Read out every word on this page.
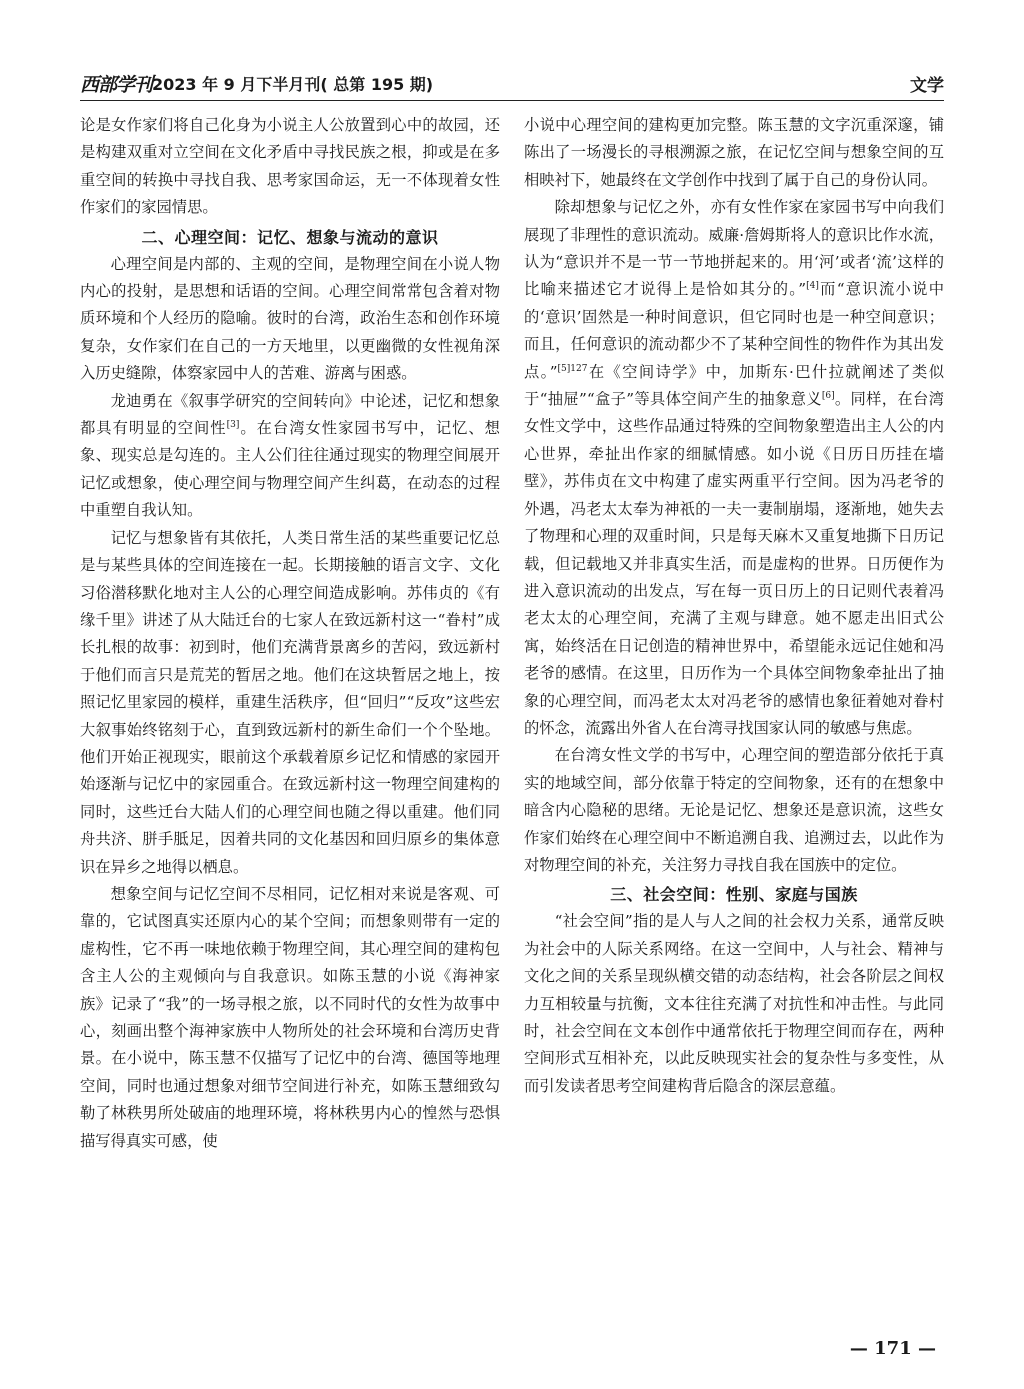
西部学刊 2023 年 9 月下半月刊( 总第 195 期)	文学

论是女作家们将自己化身为小说主人公放置到心中的故园，还是构建双重对立空间在文化矛盾中寻找民族之根，抑或是在多重空间的转换中寻找自我、思考家国命运，无一不体现着女性作家们的家园情思。

二、心理空间：记忆、想象与流动的意识

心理空间是内部的、主观的空间，是物理空间在小说人物内心的投射，是思想和话语的空间。心理空间常常包含着对物质环境和个人经历的隐喻。彼时的台湾，政治生态和创作环境复杂，女作家们在自己的一方天地里，以更幽微的女性视角深入历史缝隙，体察家园中人的苦难、游离与困惑。

龙迪勇在《叙事学研究的空间转向》中论述，记忆和想象都具有明显的空间性[3]。在台湾女性家园书写中，记忆、想象、现实总是勾连的。主人公们往往通过现实的物理空间展开记忆或想象，使心理空间与物理空间产生纠葛，在动态的过程中重塑自我认知。

记忆与想象皆有其依托，人类日常生活的某些重要记忆总是与某些具体的空间连接在一起。长期接触的语言文字、文化习俗潜移默化地对主人公的心理空间造成影响。苏伟贞的《有缘千里》讲述了从大陆迁台的七家人在致远新村这一“眷村”成长扎根的故事：初到时，他们充满背景离乡的苦闷，致远新村于他们而言只是荒芜的暂居之地。他们在这块暂居之地上，按照记忆里家园的模样，重建生活秩序，但“回归”“反攻”这些宏大叙事始终铭刻于心，直到致远新村的新生命们一个个坠地。他们开始正视现实，眼前这个承载着原乡记忆和情感的家园开始逐渐与记忆中的家园重合。在致远新村这一物理空间建构的同时，这些迁台大陆人们的心理空间也随之得以重建。他们同舟共济、胼手胝足，因着共同的文化基因和回归原乡的集体意识在异乡之地得以栖息。

想象空间与记忆空间不尽相同，记忆相对来说是客观、可靠的，它试图真实还原内心的某个空间；而想象则带有一定的虚构性，它不再一味地依赖于物理空间，其心理空间的建构包含主人公的主观倾向与自我意识。如陈玉慧的小说《海神家族》记录了“我”的一场寻根之旅，以不同时代的女性为故事中心，刻画出整个海神家族中人物所处的社会环境和台湾历史背景。在小说中，陈玉慧不仅描写了记忆中的台湾、德国等地理空间，同时也通过想象对细节空间进行补充，如陈玉慧细致勾勒了林秩男所处破庙的地理环境，将林秩男内心的惶然与恐惧描写得真实可感，使

小说中心理空间的建构更加完整。陈玉慧的文字沉重深邃，铺陈出了一场漫长的寻根溯源之旅，在记忆空间与想象空间的互相映衬下，她最终在文学创作中找到了属于自己的身份认同。

除却想象与记忆之外，亦有女性作家在家园书写中向我们展现了非理性的意识流动。威廉·詹姆斯将人的意识比作水流，认为“意识并不是一节一节地拼起来的。用‘河’或者‘流’这样的比喻来描述它才说得上是恰如其分的。”[4]而“意识流小说中的‘意识’固然是一种时间意识，但它同时也是一种空间意识；而且，任何意识的流动都少不了某种空间性的物件作为其出发点。”$^{[5]127}$在《空间诗学》中，加斯东·巴什拉就阐述了类似于“抽屉”“盒子”等具体空间产生的抽象意义[6]。同样，在台湾女性文学中，这些作品通过特殊的空间物象塑造出主人公的内心世界，牵扯出作家的细腻情感。如小说《日历日历挂在墙壁》，苏伟贞在文中构建了虚实两重平行空间。因为冯老爷的外遇，冯老太太奉为神祇的一夫一妻制崩塌，逐渐地，她失去了物理和心理的双重时间，只是每天麻木又重复地撕下日历记载，但记载地又并非真实生活，而是虚构的世界。日历便作为进入意识流动的出发点，写在每一页日历上的日记则代表着冯老太太的心理空间，充满了主观与肆意。她不愿走出旧式公寓，始终活在日记创造的精神世界中，希望能永远记住她和冯老爷的感情。在这里，日历作为一个具体空间物象牵扯出了抽象的心理空间，而冯老太太对冯老爷的感情也象征着她对眷村的怀念，流露出外省人在台湾寻找国家认同的敏感与焦虑。

在台湾女性文学的书写中，心理空间的塑造部分依托于真实的地域空间，部分依靠于特定的空间物象，还有的在想象中暗含内心隐秘的思绪。无论是记忆、想象还是意识流，这些女作家们始终在心理空间中不断追溯自我、追溯过去，以此作为对物理空间的补充，关注努力寻找自我在国族中的定位。

三、社会空间：性别、家庭与国族

“社会空间”指的是人与人之间的社会权力关系，通常反映为社会中的人际关系网络。在这一空间中，人与社会、精神与文化之间的关系呈现纵横交错的动态结构，社会各阶层之间权力互相较量与抗衡，文本往往充满了对抗性和冲击性。与此同时，社会空间在文本创作中通常依托于物理空间而存在，两种空间形式互相补充，以此反映现实社会的复杂性与多变性，从而引发读者思考空间建构背后隐含的深层意蕴。

— 171 —
